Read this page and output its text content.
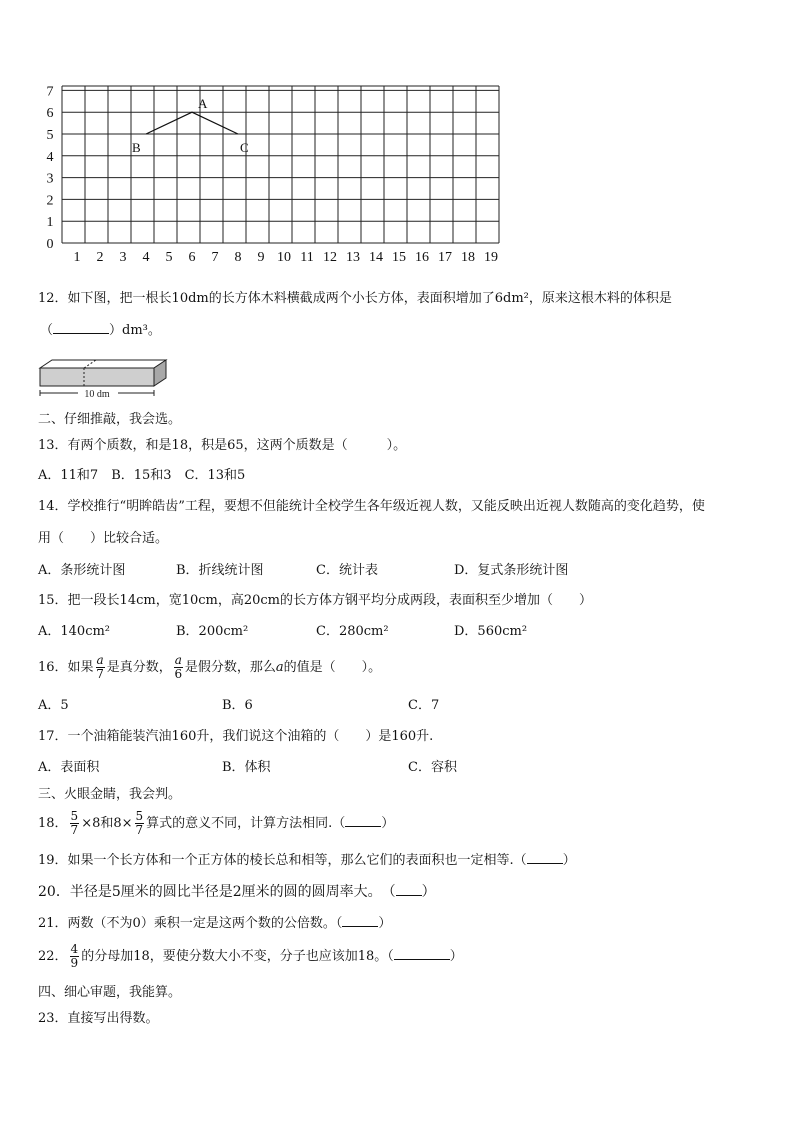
0
1
2
3
4
5
6
7
1 2 3 4 5 6 7 8 9 10 11 12 13 14 15 16 17 18 19
A
B	C
12．如下图，把一根长10dm的长方体木料横截成两个小长方体，表面积增加了6dm²，原来这根木料的体积是
（	）dm³。
10 dm
二、仔细推敲，我会选。
13．有两个质数，和是18，积是65，这两个质数是（　　　）。
A．11和7　B．15和3　C．13和5
14．学校推行“明眸皓齿”工程，要想不但能统计全校学生各年级近视人数，又能反映出近视人数随高的变化趋势，使
用（　　）比较合适。
A．条形统计图	B．折线统计图	C．统计表	D．复式条形统计图
15．把一段长14cm，宽10cm，高20cm的长方体方钢平均分成两段，表面积至少增加（　　）
A．140cm²	B．200cm²	C．280cm²	D．560cm²
16．如果 $\frac{a}{7}$ 是真分数， $\frac{a}{6}$ 是假分数，那么a的值是（　　）。
A．5	B．6	C．7
17．一个油箱能装汽油160升，我们说这个油箱的（　　）是160升.
A．表面积	B．体积	C．容积
三、火眼金睛，我会判。
18． $\frac{5}{7} \times 8$和$8\times \frac{5}{7}$ 算式的意义不同，计算方法相同.（	）
19．如果一个长方体和一个正方体的棱长总和相等，那么它们的表面积也一定相等.（	）
20．半径是5厘米的圆比半径是2厘米的圆的圆周率大。　（ ）
21．两数（不为0）乘积一定是这两个数的公倍数。（	）
22． $\frac{4}{9}$ 的分母加18，要使分数大小不变，分子也应该加18。（	）
四、细心审题，我能算。
23．直接写出得数。
